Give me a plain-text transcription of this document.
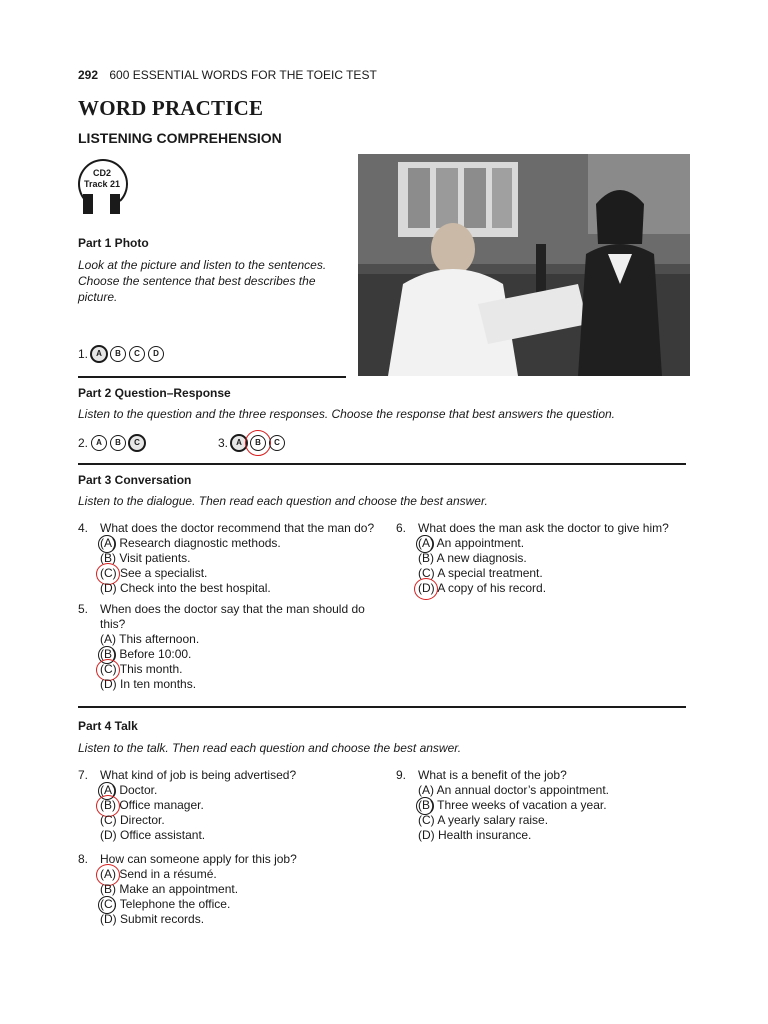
292 600 ESSENTIAL WORDS FOR THE TOEIC TEST
WORD PRACTICE
LISTENING COMPREHENSION
CD2
Track 21
Part 1 Photo
Look at the picture and listen to the sentences. Choose the sentence that best describes the picture.
1.	A	B	C	D
Part 2 Question–Response
Listen to the question and the three responses. Choose the response that best answers the question.
2.	A	B	C	3.	A	B	C
Part 3 Conversation
Listen to the dialogue. Then read each question and choose the best answer.
4. What does the doctor recommend that the man do?
(A) Research diagnostic methods.
(B) Visit patients.
(C) See a specialist.
(D) Check into the best hospital.
5. When does the doctor say that the man should do this?
(A) This afternoon.
(B) Before 10:00.
(C) This month.
(D) In ten months.
6. What does the man ask the doctor to give him?
(A) An appointment.
(B) A new diagnosis.
(C) A special treatment.
(D) A copy of his record.
Part 4 Talk
Listen to the talk. Then read each question and choose the best answer.
7. What kind of job is being advertised?
(A) Doctor.
(B) Office manager.
(C) Director.
(D) Office assistant.
8. How can someone apply for this job?
(A) Send in a résumé.
(B) Make an appointment.
(C) Telephone the office.
(D) Submit records.
9. What is a benefit of the job?
(A) An annual doctor’s appointment.
(B) Three weeks of vacation a year.
(C) A yearly salary raise.
(D) Health insurance.
